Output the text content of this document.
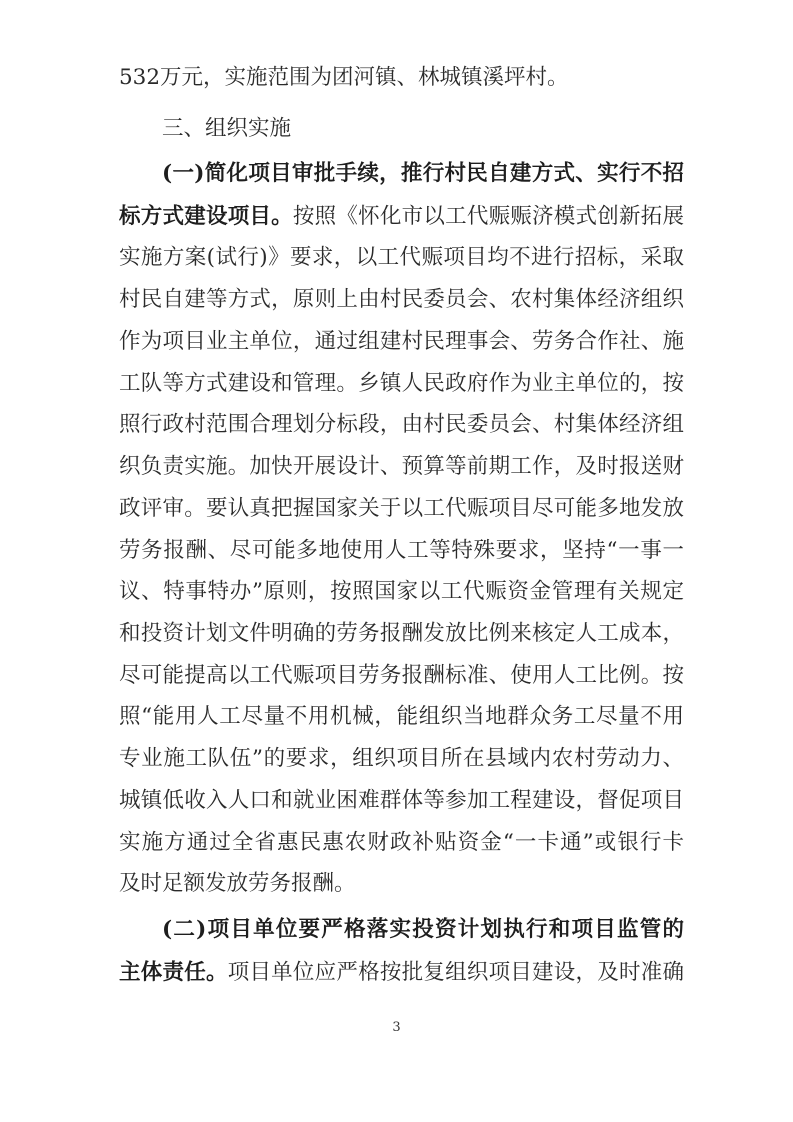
532万元，实施范围为团河镇、林城镇溪坪村。
三、组织实施
(一)简化项目审批手续，推行村民自建方式、实行不招
标方式建设项目。按照《怀化市以工代赈赈济模式创新拓展
实施方案(试行)》要求，以工代赈项目均不进行招标，采取
村民自建等方式，原则上由村民委员会、农村集体经济组织
作为项目业主单位，通过组建村民理事会、劳务合作社、施
工队等方式建设和管理。乡镇人民政府作为业主单位的，按
照行政村范围合理划分标段，由村民委员会、村集体经济组
织负责实施。加快开展设计、预算等前期工作，及时报送财
政评审。要认真把握国家关于以工代赈项目尽可能多地发放
劳务报酬、尽可能多地使用人工等特殊要求，坚持“一事一
议、特事特办”原则，按照国家以工代赈资金管理有关规定
和投资计划文件明确的劳务报酬发放比例来核定人工成本，
尽可能提高以工代赈项目劳务报酬标准、使用人工比例。按
照“能用人工尽量不用机械，能组织当地群众务工尽量不用
专业施工队伍”的要求，组织项目所在县域内农村劳动力、
城镇低收入人口和就业困难群体等参加工程建设，督促项目
实施方通过全省惠民惠农财政补贴资金“一卡通”或银行卡
及时足额发放劳务报酬。
(二)项目单位要严格落实投资计划执行和项目监管的
主体责任。项目单位应严格按批复组织项目建设，及时准确
3
